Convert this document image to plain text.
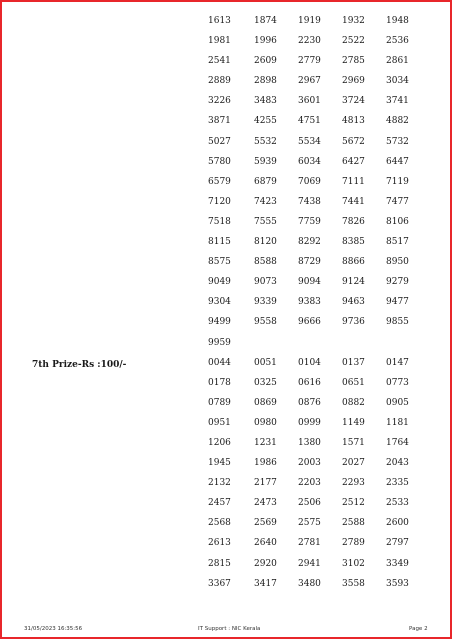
7th Prize-Rs :100/-
1613	1874 1919 1932 1948
1981	1996 2230 2522 2536
2541	2609 2779 2785 2861
2889	2898 2967 2969 3034
3226	3483 3601 3724 3741
3871	4255 4751 4813 4882
5027	5532 5534 5672 5732
5780	5939 6034 6427 6447
6579	6879 7069 7111 7119
7120	7423 7438 7441 7477
7518	7555 7759 7826 8106
8115	8120 8292 8385 8517
8575	8588 8729 8866 8950
9049	9073 9094 9124 9279
9304	9339 9383 9463 9477
9499	9558 9666 9736 9855
9959
0044	0051 0104 0137 0147
0178	0325 0616 0651 0773
0789	0869 0876 0882 0905
0951	0980 0999 1149 1181
1206	1231 1380 1571 1764
1945	1986 2003 2027 2043
2132	2177 2203 2293 2335
2457	2473 2506 2512 2533
2568	2569 2575 2588 2600
2613	2640 2781 2789 2797
2815	2920 2941 3102 3349
3367	3417 3480 3558 3593
31/05/2023 16:35:56	IT Support : NIC Kerala	Page 2
